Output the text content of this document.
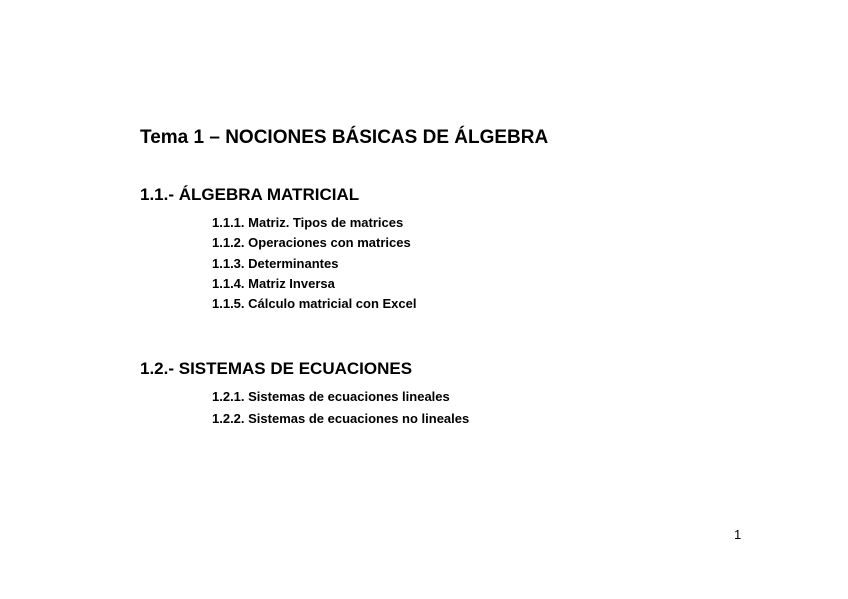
Tema 1 – NOCIONES BÁSICAS DE ÁLGEBRA
1.1.- ÁLGEBRA MATRICIAL
1.1.1. Matriz. Tipos de matrices
1.1.2. Operaciones con matrices
1.1.3. Determinantes
1.1.4. Matriz Inversa
1.1.5. Cálculo matricial con Excel
1.2.- SISTEMAS DE ECUACIONES
1.2.1. Sistemas de ecuaciones lineales
1.2.2. Sistemas de ecuaciones no lineales
1
